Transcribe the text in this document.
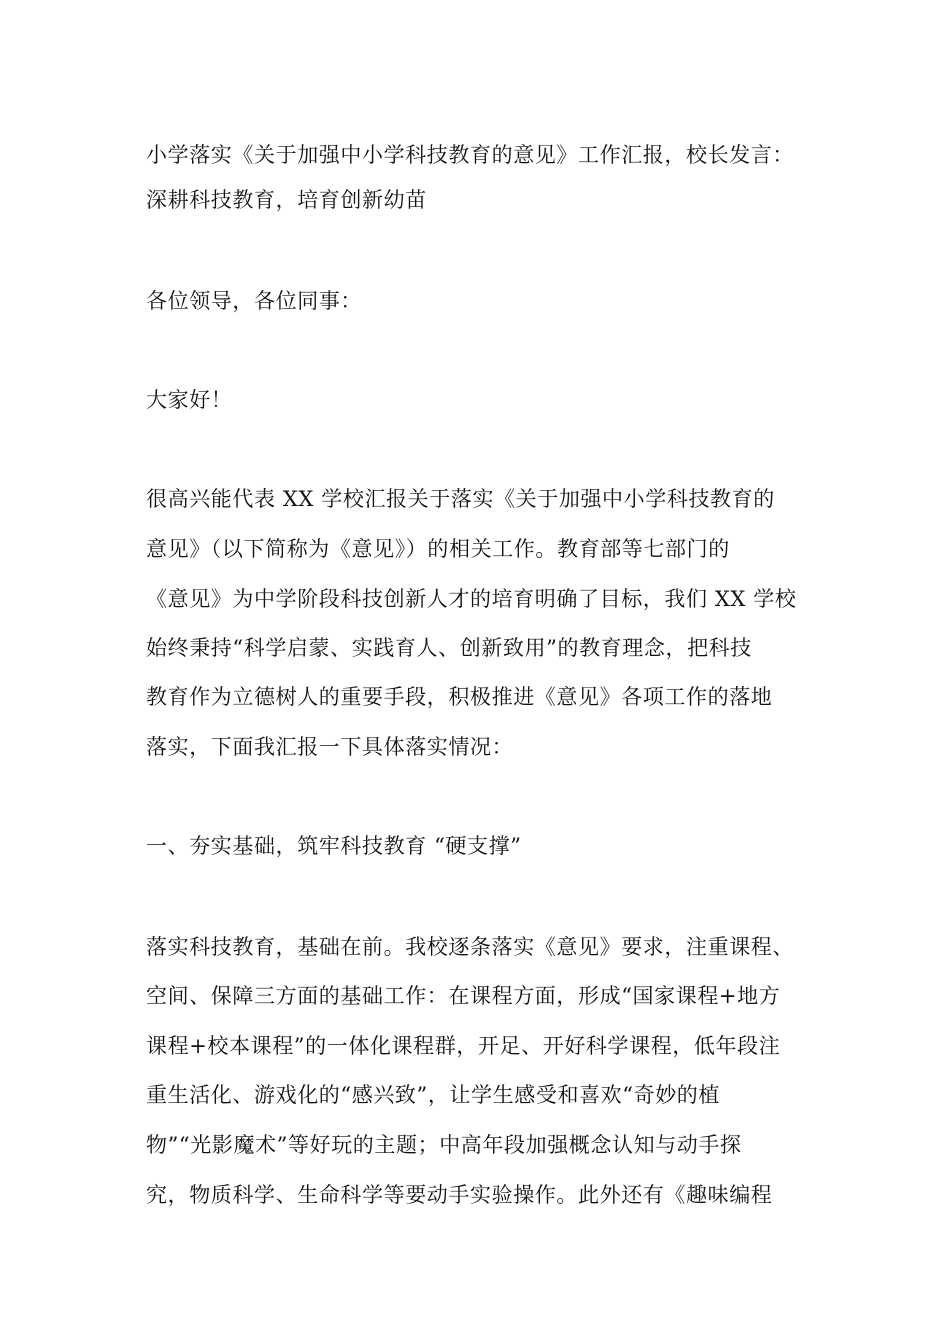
小学落实《关于加强中小学科技教育的意见》工作汇报，校长发言：
深耕科技教育，培育创新幼苗
各位领导，各位同事：
大家好！
很高兴能代表 XX 学校汇报关于落实《关于加强中小学科技教育的
意见》（以下简称为《意见》）的相关工作。教育部等七部门的
《意见》为中学阶段科技创新人才的培育明确了目标，我们 XX 学校
始终秉持“科学启蒙、实践育人、创新致用”的教育理念，把科技
教育作为立德树人的重要手段，积极推进《意见》各项工作的落地
落实，下面我汇报一下具体落实情况：
一、夯实基础，筑牢科技教育 “硬支撑”
落实科技教育，基础在前。我校逐条落实《意见》要求，注重课程、
空间、保障三方面的基础工作：在课程方面，形成“国家课程+地方
课程+校本课程”的一体化课程群，开足、开好科学课程，低年段注
重生活化、游戏化的“感兴致”，让学生感受和喜欢“奇妙的植
物”“光影魔术”等好玩的主题；中高年段加强概念认知与动手探
究，物质科学、生命科学等要动手实验操作。此外还有《趣味编程
